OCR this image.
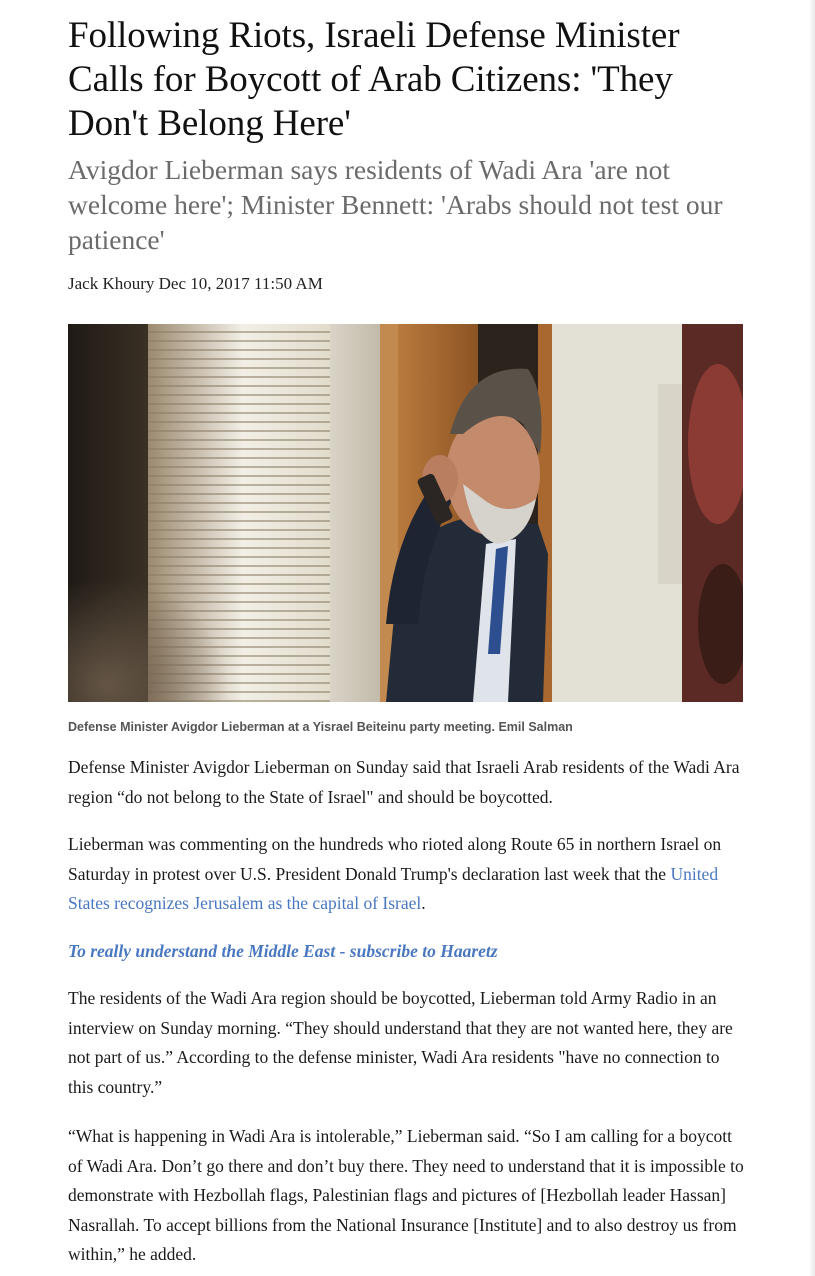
Following Riots, Israeli Defense Minister Calls for Boycott of Arab Citizens: 'They Don't Belong Here'
Avigdor Lieberman says residents of Wadi Ara 'are not welcome here'; Minister Bennett: 'Arabs should not test our patience'
Jack Khoury Dec 10, 2017 11:50 AM
Defense Minister Avigdor Lieberman at a Yisrael Beiteinu party meeting. Emil Salman

Defense Minister Avigdor Lieberman on Sunday said that Israeli Arab residents of the Wadi Ara region “do not belong to the State of Israel" and should be boycotted.

Lieberman was commenting on the hundreds who rioted along Route 65 in northern Israel on Saturday in protest over U.S. President Donald Trump's declaration last week that the United States recognizes Jerusalem as the capital of Israel.

To really understand the Middle East - subscribe to Haaretz

The residents of the Wadi Ara region should be boycotted, Lieberman told Army Radio in an interview on Sunday morning. “They should understand that they are not wanted here, they are not part of us.” According to the defense minister, Wadi Ara residents "have no connection to this country.”

“What is happening in Wadi Ara is intolerable,” Lieberman said. “So I am calling for a boycott of Wadi Ara. Don’t go there and don’t buy there. They need to understand that it is impossible to demonstrate with Hezbollah flags, Palestinian flags and pictures of [Hezbollah leader Hassan] Nasrallah. To accept billions from the National Insurance [Institute] and to also destroy us from within,” he added.
